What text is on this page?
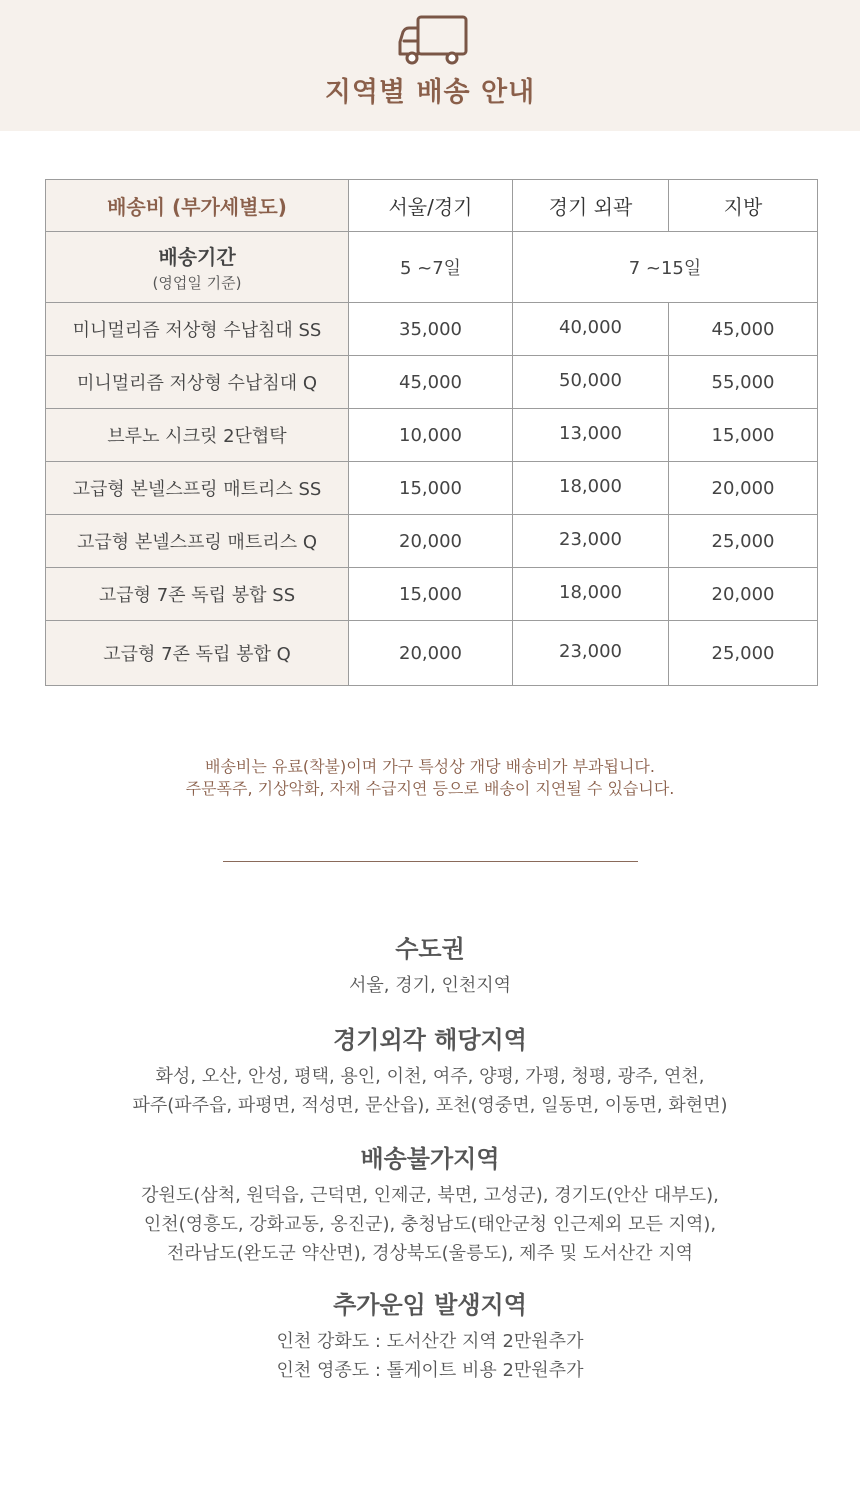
지역별 배송 안내
배송비 (부가세별도)	서울/경기	경기 외곽	지방

배송기간
(영업일 기준)	5 ~7일	7 ~15일	
미니멀리즘 저상형 수납침대 SS	35,000	40,000	45,000
미니멀리즘 저상형 수납침대 Q	45,000	50,000	55,000
브루노 시크릿 2단협탁	10,000	13,000	15,000
고급형 본넬스프링 매트리스 SS	15,000	18,000	20,000
고급형 본넬스프링 매트리스 Q	20,000	23,000	25,000
고급형 7존 독립 봉합 SS	15,000	18,000	20,000
고급형 7존 독립 봉합 Q	20,000	23,000	25,000
배송비는 유료(착불)이며 가구 특성상 개당 배송비가 부과됩니다.
주문폭주, 기상악화, 자재 수급지연 등으로 배송이 지연될 수 있습니다.
수도권
서울, 경기, 인천지역
경기외각 해당지역
화성, 오산, 안성, 평택, 용인, 이천, 여주, 양평, 가평, 청평, 광주, 연천,
파주(파주읍, 파평면, 적성면, 문산읍), 포천(영중면, 일동면, 이동면, 화현면)
배송불가지역
강원도(삼척, 원덕읍, 근덕면, 인제군, 북면, 고성군), 경기도(안산 대부도),
인천(영흥도, 강화교동, 옹진군), 충청남도(태안군청 인근제외 모든 지역),
전라남도(완도군 약산면), 경상북도(울릉도), 제주 및 도서산간 지역
추가운임 발생지역
인천 강화도 : 도서산간 지역 2만원추가
인천 영종도 : 톨게이트 비용 2만원추가
